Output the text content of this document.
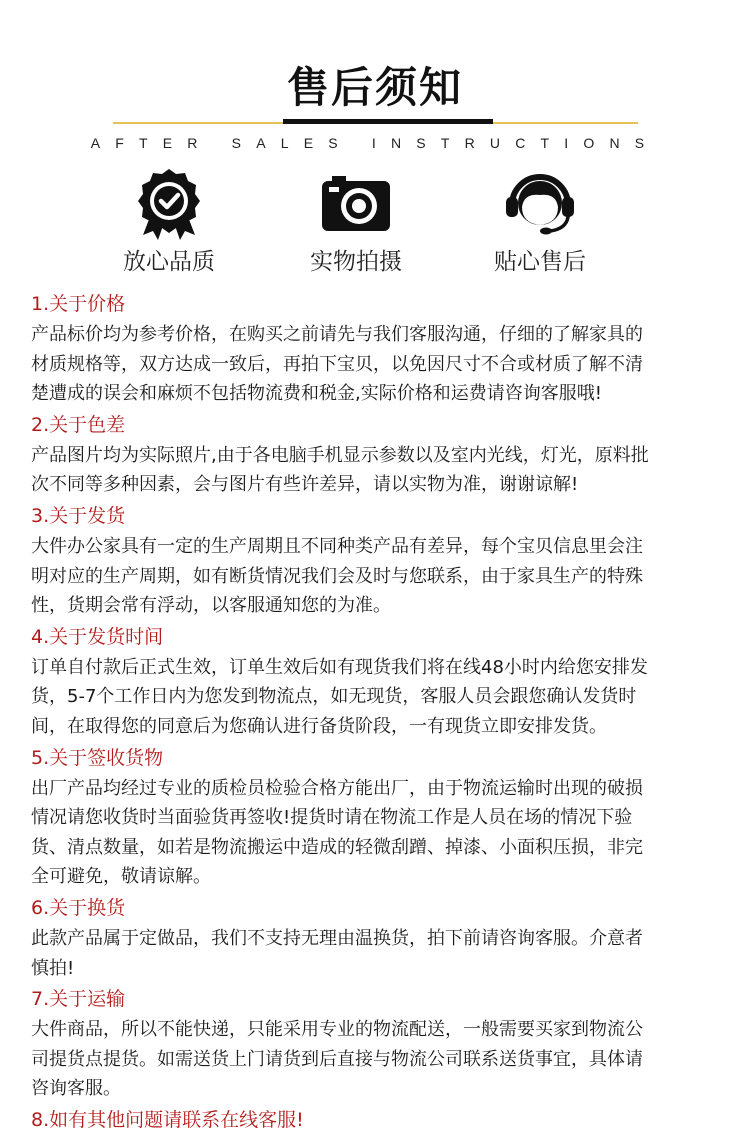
售后须知
AFTER SALES INSTRUCTIONS
放心品质	实物拍摄	贴心售后
1.关于价格

产品标价均为参考价格，在购买之前请先与我们客服沟通，仔细的了解家具的
材质规格等，双方达成一致后，再拍下宝贝，以免因尺寸不合或材质了解不清
楚遭成的误会和麻烦不包括物流费和税金,实际价格和运费请咨询客服哦!

2.关于色差

产品图片均为实际照片,由于各电脑手机显示参数以及室内光线，灯光，原料批
次不同等多种因素，会与图片有些许差异，请以实物为准，谢谢谅解!

3.关于发货

大件办公家具有一定的生产周期且不同种类产品有差异，每个宝贝信息里会注
明对应的生产周期，如有断货情况我们会及时与您联系，由于家具生产的特殊
性，货期会常有浮动，以客服通知您的为准。

4.关于发货时间

订单自付款后正式生效，订单生效后如有现货我们将在线48小时内给您安排发
货，5-7个工作日内为您发到物流点，如无现货，客服人员会跟您确认发货时
间，在取得您的同意后为您确认进行备货阶段，一有现货立即安排发货。

5.关于签收货物

出厂产品均经过专业的质检员检验合格方能出厂，由于物流运输时出现的破损
情况请您收货时当面验货再签收!提货时请在物流工作是人员在场的情况下验
货、清点数量，如若是物流搬运中造成的轻微刮蹭、掉漆、小面积压损，非完
全可避免，敬请谅解。

6.关于换货

此款产品属于定做品，我们不支持无理由温换货，拍下前请咨询客服。介意者
慎拍!

7.关于运输

大件商品，所以不能快递，只能采用专业的物流配送，一般需要买家到物流公
司提货点提货。如需送货上门请货到后直接与物流公司联系送货事宜，具体请
咨询客服。

8.如有其他问题请联系在线客服!
